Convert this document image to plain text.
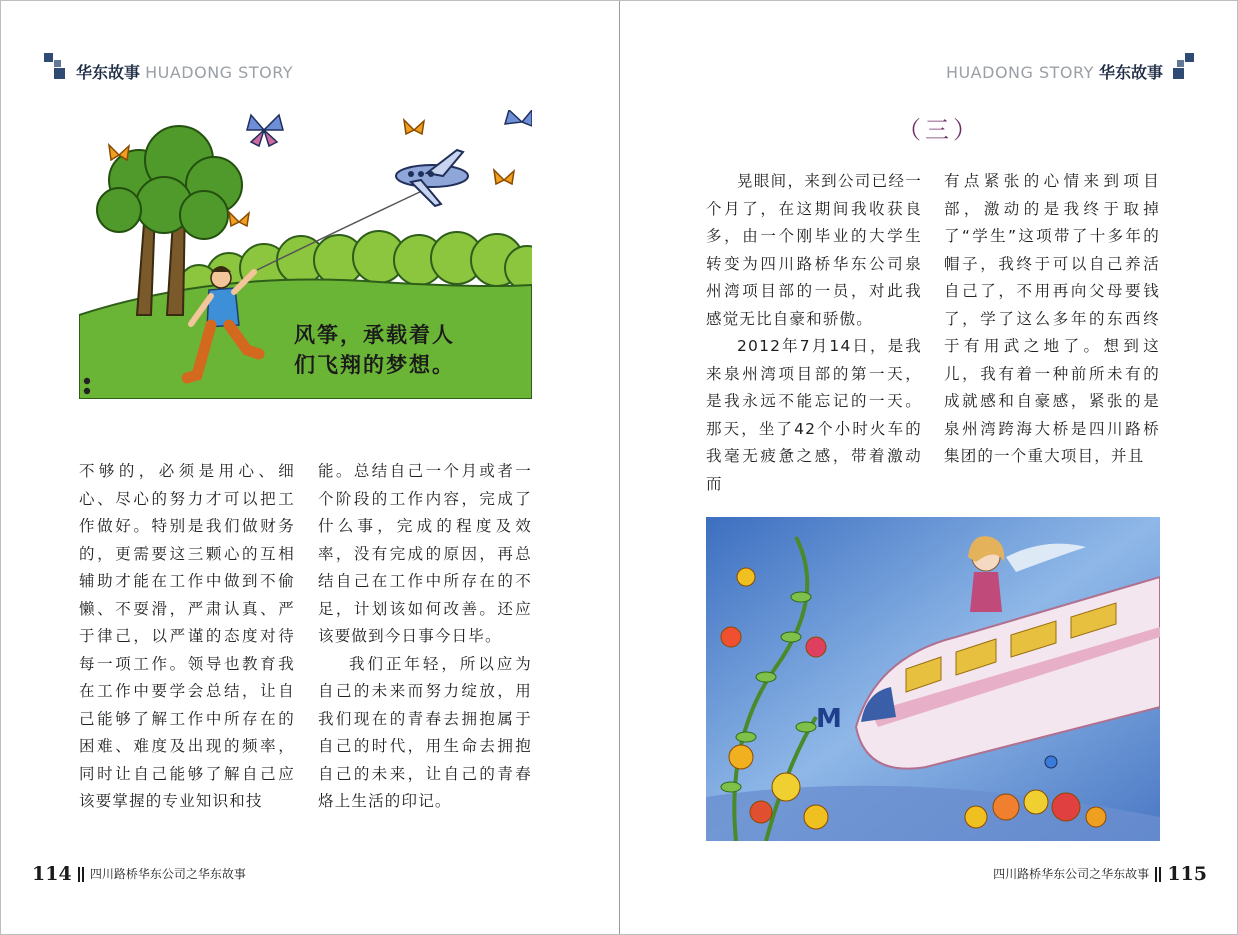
华东故事 HUADONG STORY
风筝，承载着人
们飞翔的梦想。

不够的，必须是用心、细心、尽心的努力才可以把工作做好。特别是我们做财务的，更需要这三颗心的互相辅助才能在工作中做到不偷懒、不耍滑，严肃认真、严于律己，以严谨的态度对待每一项工作。领导也教育我在工作中要学会总结，让自己能够了解工作中所存在的困难、难度及出现的频率，同时让自己能够了解自己应该要掌握的专业知识和技

能。总结自己一个月或者一个阶段的工作内容，完成了什么事，完成的程度及效率，没有完成的原因，再总结自己在工作中所存在的不足，计划该如何改善。还应该要做到今日事今日毕。

我们正年轻，所以应为自己的未来而努力绽放，用我们现在的青春去拥抱属于自己的时代，用生命去拥抱自己的未来，让自己的青春烙上生活的印记。

114 四川路桥华东公司之华东故事
HUADONG STORY 华东故事
（三）

晃眼间，来到公司已经一个月了，在这期间我收获良多，由一个刚毕业的大学生转变为四川路桥华东公司泉州湾项目部的一员，对此我感觉无比自豪和骄傲。

2012年7月14日，是我来泉州湾项目部的第一天，是我永远不能忘记的一天。那天，坐了42个小时火车的我毫无疲惫之感，带着激动而

有点紧张的心情来到项目部，激动的是我终于取掉了“学生”这项带了十多年的帽子，我终于可以自己养活自己了，不用再向父母要钱了，学了这么多年的东西终于有用武之地了。想到这儿，我有着一种前所未有的成就感和自豪感，紧张的是泉州湾跨海大桥是四川路桥集团的一个重大项目，并且

M
四川路桥华东公司之华东故事 115
